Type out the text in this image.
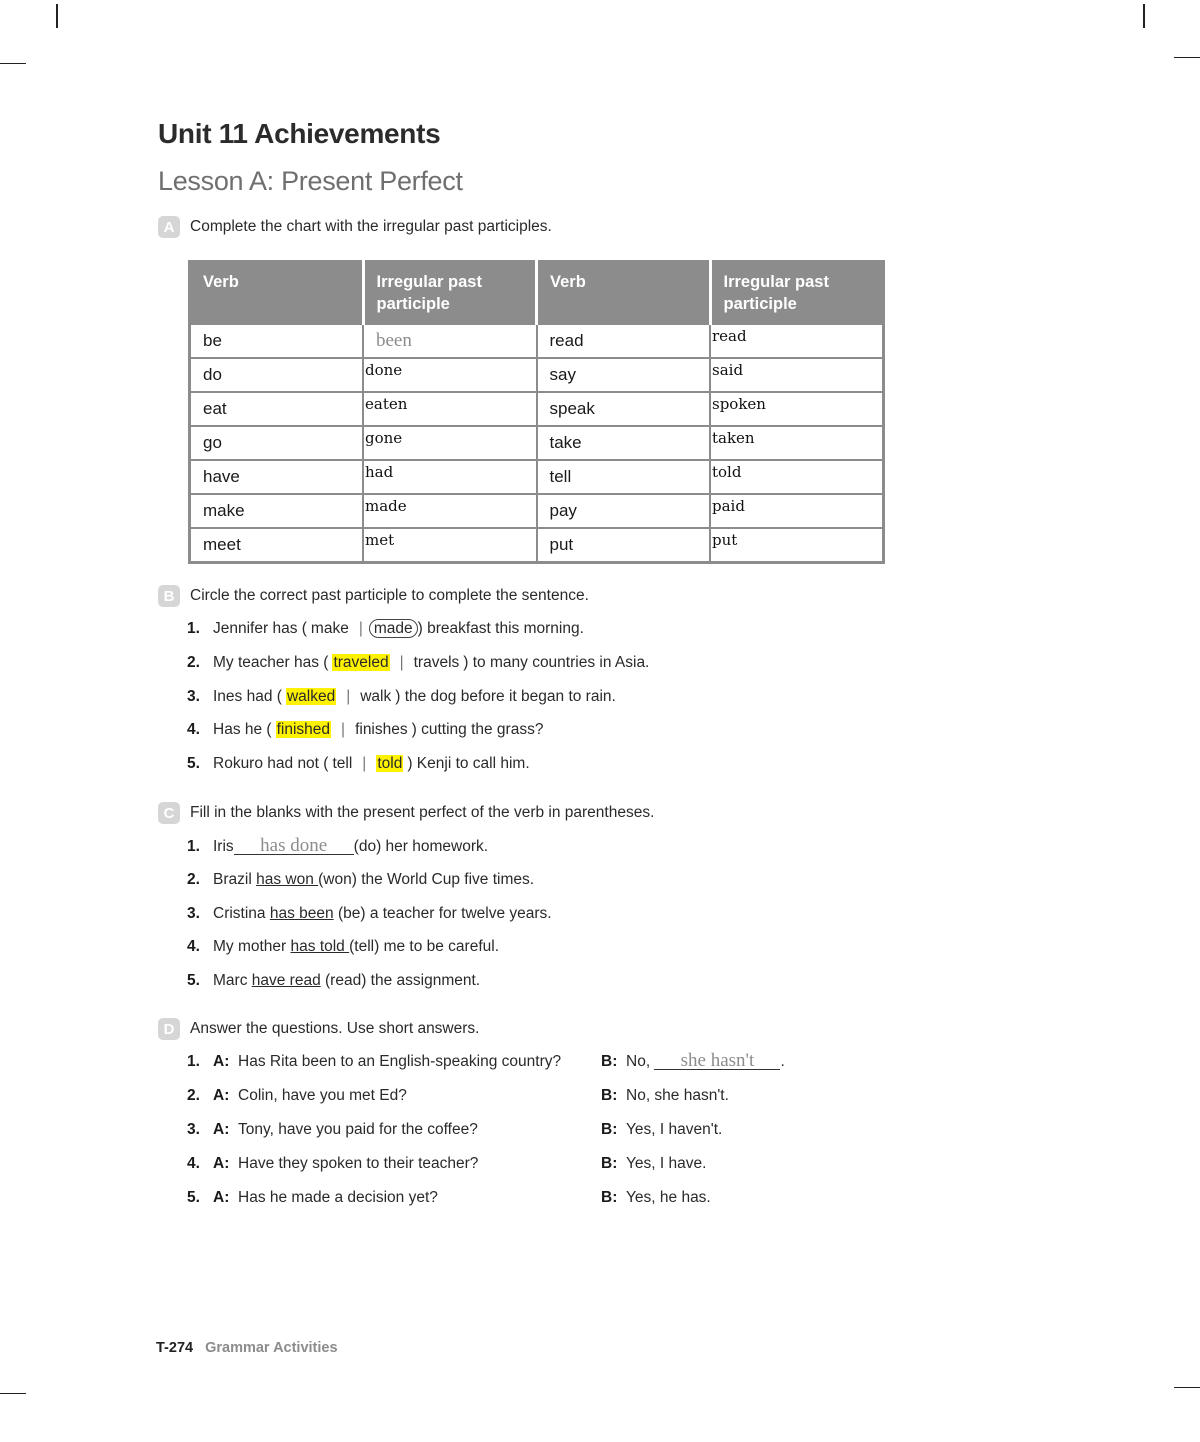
Unit 11 Achievements
Lesson A: Present Perfect
A	Complete the chart with the irregular past participles.
Verb	Irregular past participle	Verb	Irregular past participle
be	been	read	read
do	done	say	said
eat	eaten	speak	spoken
go	gone	take	taken
have	had	tell	told
make	made	pay	paid
meet	met	put	put
B	Circle the correct past participle to complete the sentence.
1. Jennifer has ( make | made ) breakfast this morning.
2. My teacher has ( traveled | travels ) to many countries in Asia.
3. Ines had ( walked | walk ) the dog before it began to rain.
4. Has he ( finished | finishes ) cutting the grass?
5. Rokuro had not ( tell | told ) Kenji to call him.
C	Fill in the blanks with the present perfect of the verb in parentheses.
1. Iris has done (do) her homework.
2. Brazil has won (won) the World Cup five times.
3. Cristina has been (be) a teacher for twelve years.
4. My mother has told (tell) me to be careful.
5. Marc have read (read) the assignment.
D	Answer the questions. Use short answers.
1. A: Has Rita been to an English-speaking country?	B: No, she hasn't .
2. A: Colin, have you met Ed?	B: No, she hasn't.
3. A: Tony, have you paid for the coffee?	B: Yes, I haven't.
4. A: Have they spoken to their teacher?	B: Yes, I have.
5. A: Has he made a decision yet?	B: Yes, he has.
T-274 Grammar Activities
